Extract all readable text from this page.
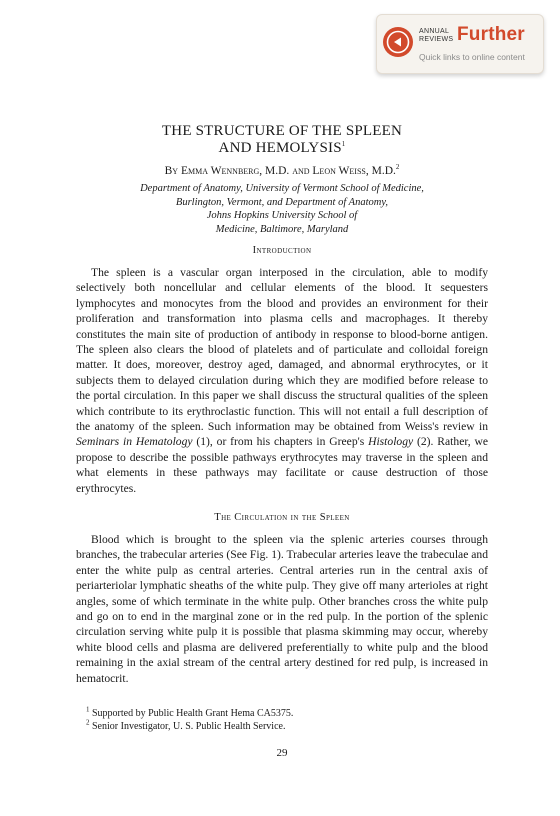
ANNUAL
REVIEWS Further
Quick links to online content
THE STRUCTURE OF THE SPLEEN
AND HEMOLYSIS$^1$
By Emma Wennberg, M.D. and Leon Weiss, M.D.$^2$
Department of Anatomy, University of Vermont School of Medicine,
Burlington, Vermont, and Department of Anatomy,
Johns Hopkins University School of
Medicine, Baltimore, Maryland
Introduction

The spleen is a vascular organ interposed in the circulation, able to modify selectively both noncellular and cellular elements of the blood. It sequesters lymphocytes and monocytes from the blood and provides an environment for their proliferation and transformation into plasma cells and macrophages. It thereby constitutes the main site of production of antibody in response to blood-borne antigen. The spleen also clears the blood of platelets and of particulate and colloidal foreign matter. It does, moreover, destroy aged, damaged, and abnormal erythrocytes, or it subjects them to delayed circulation during which they are modified before release to the portal circulation. In this paper we shall discuss the structural qualities of the spleen which contribute to its erythroclastic function. This will not entail a full description of the anatomy of the spleen. Such information may be obtained from Weiss's review in Seminars in Hematology (1), or from his chapters in Greep's Histology (2). Rather, we propose to describe the possible pathways erythrocytes may traverse in the spleen and what elements in these pathways may facilitate or cause destruction of those erythrocytes.

The Circulation in the Spleen

Blood which is brought to the spleen via the splenic arteries courses through branches, the trabecular arteries (See Fig. 1). Trabecular arteries leave the trabeculae and enter the white pulp as central arteries. Central arteries run in the central axis of periarteriolar lymphatic sheaths of the white pulp. They give off many arterioles at right angles, some of which terminate in the white pulp. Other branches cross the white pulp and go on to end in the marginal zone or in the red pulp. In the portion of the splenic circulation serving white pulp it is possible that plasma skimming may occur, whereby white blood cells and plasma are delivered preferentially to white pulp and the blood remaining in the axial stream of the central artery destined for red pulp, is increased in hematocrit.

$^1$ Supported by Public Health Grant Hema CA5375.
$^2$ Senior Investigator, U. S. Public Health Service.
29
